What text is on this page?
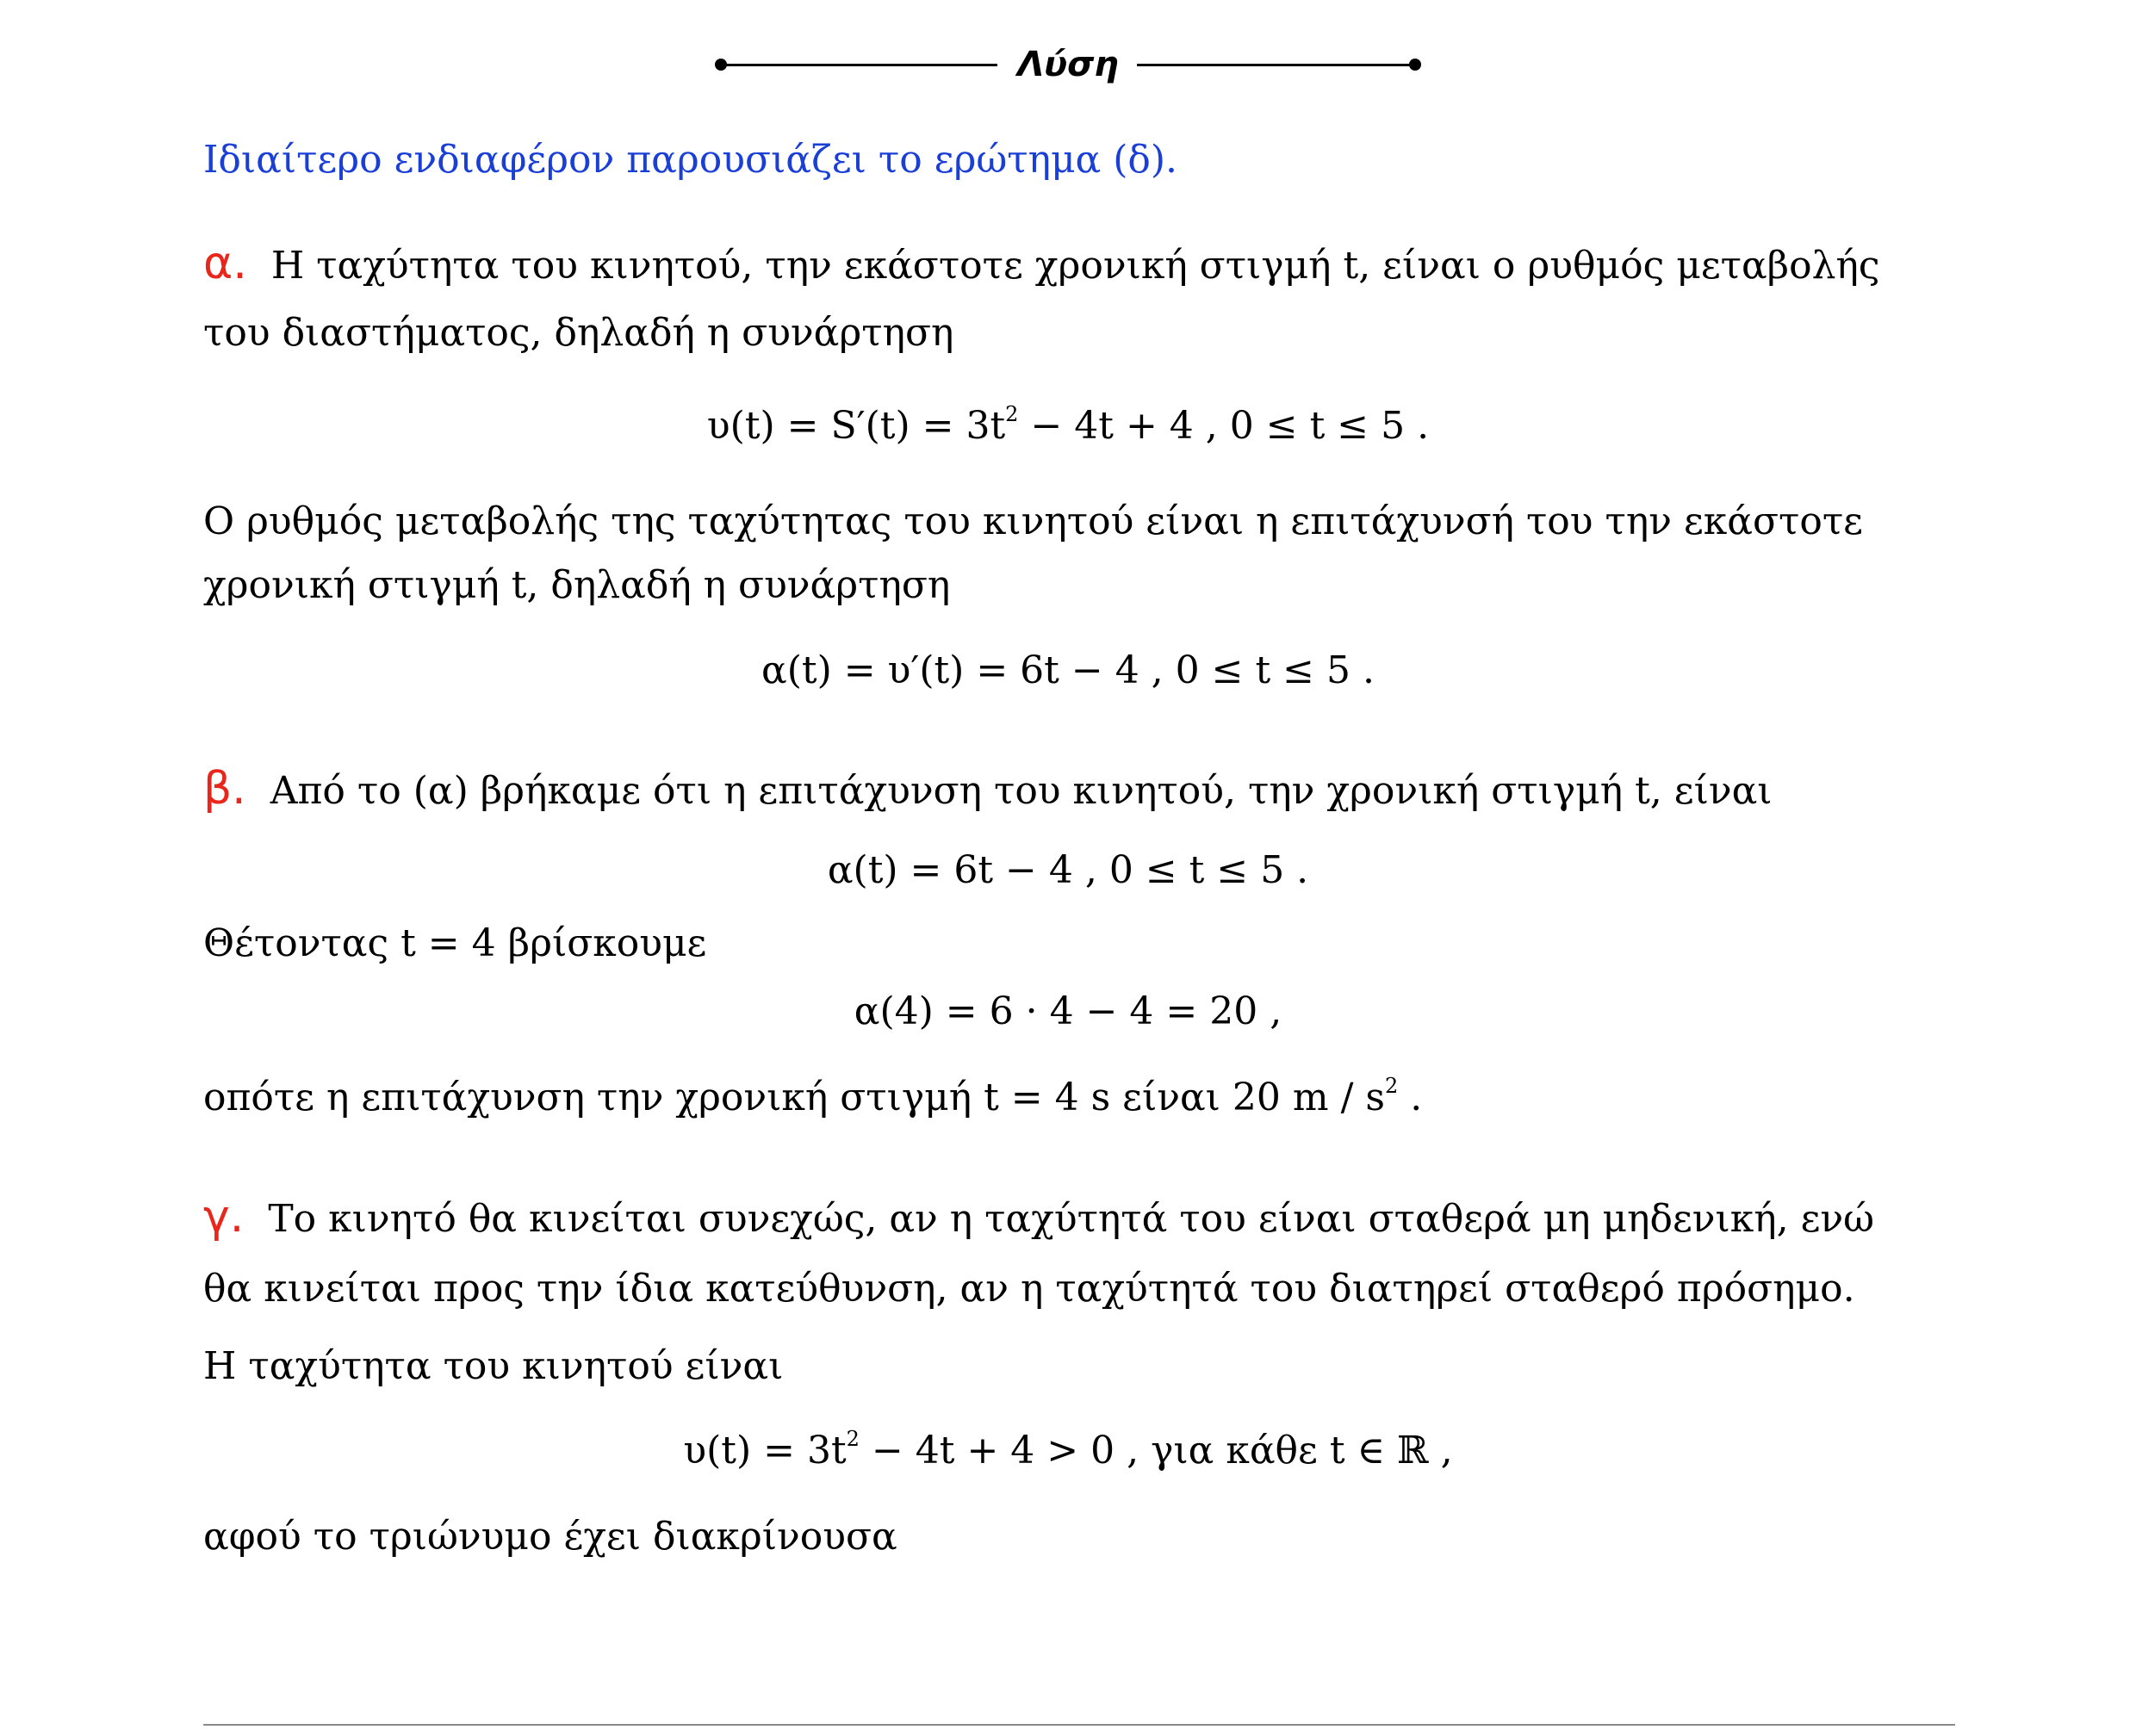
Λύση
Ιδιαίτερο ενδιαφέρον παρουσιάζει το ερώτημα (δ).
α. Η ταχύτητα του κινητού, την εκάστοτε χρονική στιγμή t, είναι ο ρυθμός μεταβολής
του διαστήματος, δηλαδή η συνάρτηση
$\upsilon(t) = S'(t) = 3t^2 - 4t + 4$ , 0 ≤ t ≤ 5 .
Ο ρυθμός μεταβολής της ταχύτητας του κινητού είναι η επιτάχυνσή του την εκάστοτε
χρονική στιγμή t, δηλαδή η συνάρτηση
α(t) = υ′(t) = 6t − 4 , 0 ≤ t ≤ 5 .
β. Από το (α) βρήκαμε ότι η επιτάχυνση του κινητού, την χρονική στιγμή t, είναι
α(t) = 6t − 4 , 0 ≤ t ≤ 5 .
Θέτοντας t = 4 βρίσκουμε
α(4) = 6 · 4 − 4 = 20 ,
οπότε η επιτάχυνση την χρονική στιγμή t = 4 s είναι 20 m / $s^2$ .
γ. Το κινητό θα κινείται συνεχώς, αν η ταχύτητά του είναι σταθερά μη μηδενική, ενώ
θα κινείται προς την ίδια κατεύθυνση, αν η ταχύτητά του διατηρεί σταθερό πρόσημο.
Η ταχύτητα του κινητού είναι
$\upsilon(t) = 3t^2 - 4t + 4 > 0$ , για κάθε t ∈ ℝ ,
αφού το τριώνυμο έχει διακρίνουσα
